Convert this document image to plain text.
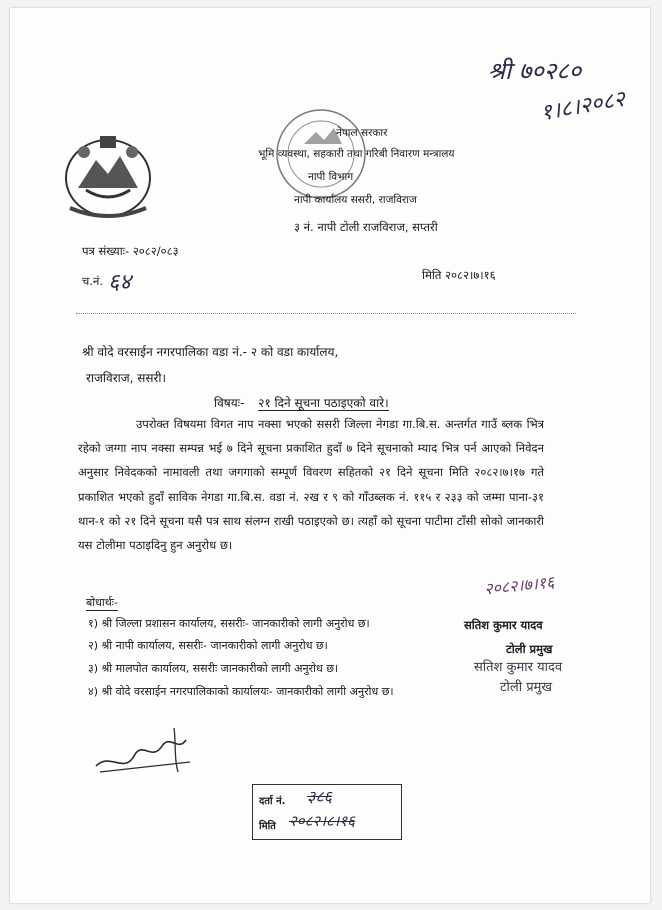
नेपाल सरकार
भूमि व्यवस्था, सहकारी तथा गरिबी निवारण मन्त्रालय
नापी विभाग
नापी कार्यालय ससरी, राजविराज
३ नं. नापी टोली राजविराज, सप्तरी
श्री ७०२८०
१।८।२०८२
पत्र संख्याः- २०८२/०८३
च.नं. ६४	मिति २०८२।७।१६
श्री वोदे वरसाईन नगरपालिका वडा नं.- २ को वडा कार्यालय,
राजविराज, ससरी।
विषयः- २१ दिने सूचना पठाइएको वारे।
उपरोक्त विषयमा विगत नाप नक्सा भएको ससरी जिल्ला नेगडा गा.बि.स. अन्तर्गत गाउँ ब्लक भित्र रहेको जग्गा नाप नक्सा सम्पन्न भई ७ दिने सूचना प्रकाशित हुदाँ ७ दिने सूचनाको म्याद भित्र पर्न आएको निवेदन अनुसार निवेदकको नामावली तथा जगगाको सम्पूर्ण विवरण सहितको २१ दिने सूचना मिति २०८२।७।१७ गते प्रकाशित भएको हुदाँ साविक नेगडा गा.बि.स. वडा नं. २ख र ९ को गाँउब्लक नं. ११५ र २३३ को जम्मा पाना-३१ थान-१ को २१ दिने सूचना यसै पत्र साथ संलग्न राखी पठाइएको छ। त्यहाँ को सूचना पाटीमा टाँसी सोको जानकारी यस टोलीमा पठाइदिनु हुन अनुरोध छ।
बोधार्थः-
१) श्री जिल्ला प्रशासन कार्यालय, ससरीः- जानकारीको लागी अनुरोध छ।
२) श्री नापी कार्यालय, ससरीः- जानकारीको लागी अनुरोध छ।
३) श्री मालपोत कार्यालय, ससरीः जानकारीको लागी अनुरोध छ।
४) श्री वोदे वरसाईन नगरपालिकाको कार्यालयः- जानकारीको लागी अनुरोध छ।
२०८२।७।१६
सतिश कुमार यादव
टोली प्रमुख
सतिश कुमार यादव
टोली प्रमुख
दर्ता नं. ३८६
मिति २०८२।८।१६
